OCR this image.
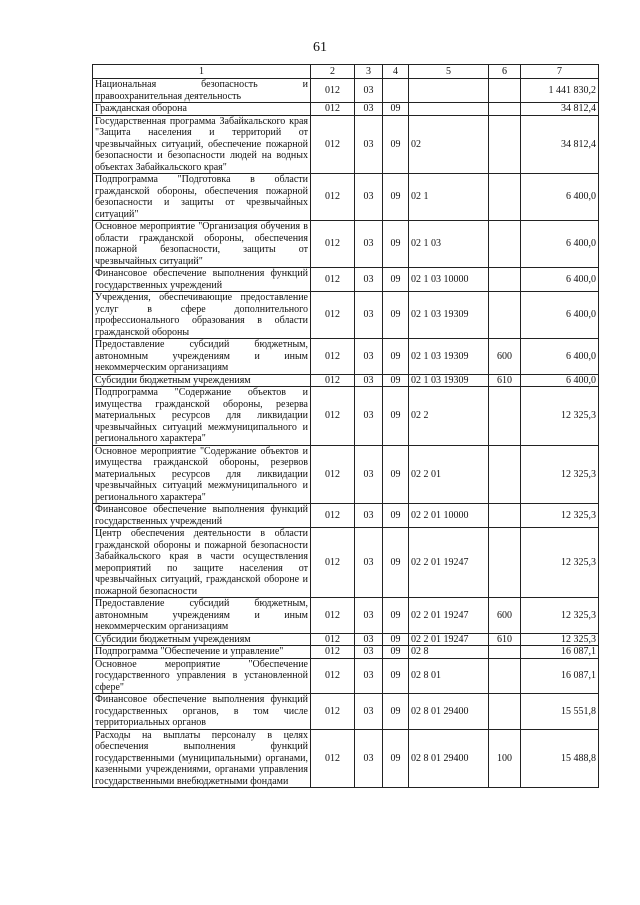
61
1	2	3	4	5	6	7
Национальная безопасность и правоохранительная деятельность	012	03				1 441 830,2
Гражданская оборона	012	03	09			34 812,4
Государственная программа Забайкальского края "Защита населения и территорий от чрезвычайных ситуаций, обеспечение пожарной безопасности и безопасности людей на водных объектах Забайкальского края"	012	03	09	02		34 812,4
Подпрограмма "Подготовка в области гражданской обороны, обеспечения пожарной безопасности и защиты от чрезвычайных ситуаций"	012	03	09	02 1		6 400,0
Основное мероприятие "Организация обучения в области гражданской обороны, обеспечения пожарной безопасности, защиты от чрезвычайных ситуаций"	012	03	09	02 1 03		6 400,0
Финансовое обеспечение выполнения функций государственных учреждений	012	03	09	02 1 03 10000		6 400,0
Учреждения, обеспечивающие предоставление услуг в сфере дополнительного профессионального образования в области гражданской обороны	012	03	09	02 1 03 19309		6 400,0
Предоставление субсидий бюджетным, автономным учреждениям и иным некоммерческим организациям	012	03	09	02 1 03 19309	600	6 400,0
Субсидии бюджетным учреждениям	012	03	09	02 1 03 19309	610	6 400,0
Подпрограмма "Содержание объектов и имущества гражданской обороны, резерва материальных ресурсов для ликвидации чрезвычайных ситуаций межмуниципального и регионального характера"	012	03	09	02 2		12 325,3
Основное мероприятие "Содержание объектов и имущества гражданской обороны, резервов материальных ресурсов для ликвидации чрезвычайных ситуаций межмуниципального и регионального характера"	012	03	09	02 2 01		12 325,3
Финансовое обеспечение выполнения функций государственных учреждений	012	03	09	02 2 01 10000		12 325,3
Центр обеспечения деятельности в области гражданской обороны и пожарной безопасности Забайкальского края в части осуществления мероприятий по защите населения от чрезвычайных ситуаций, гражданской обороне и пожарной безопасности	012	03	09	02 2 01 19247		12 325,3
Предоставление субсидий бюджетным, автономным учреждениям и иным некоммерческим организациям	012	03	09	02 2 01 19247	600	12 325,3
Субсидии бюджетным учреждениям	012	03	09	02 2 01 19247	610	12 325,3
Подпрограмма "Обеспечение и управление"	012	03	09	02 8		16 087,1
Основное мероприятие "Обеспечение государственного управления в установленной сфере"	012	03	09	02 8 01		16 087,1
Финансовое обеспечение выполнения функций государственных органов, в том числе территориальных органов	012	03	09	02 8 01 29400		15 551,8
Расходы на выплаты персоналу в целях обеспечения выполнения функций государственными (муниципальными) органами, казенными учреждениями, органами управления государственными внебюджетными фондами	012	03	09	02 8 01 29400	100	15 488,8
